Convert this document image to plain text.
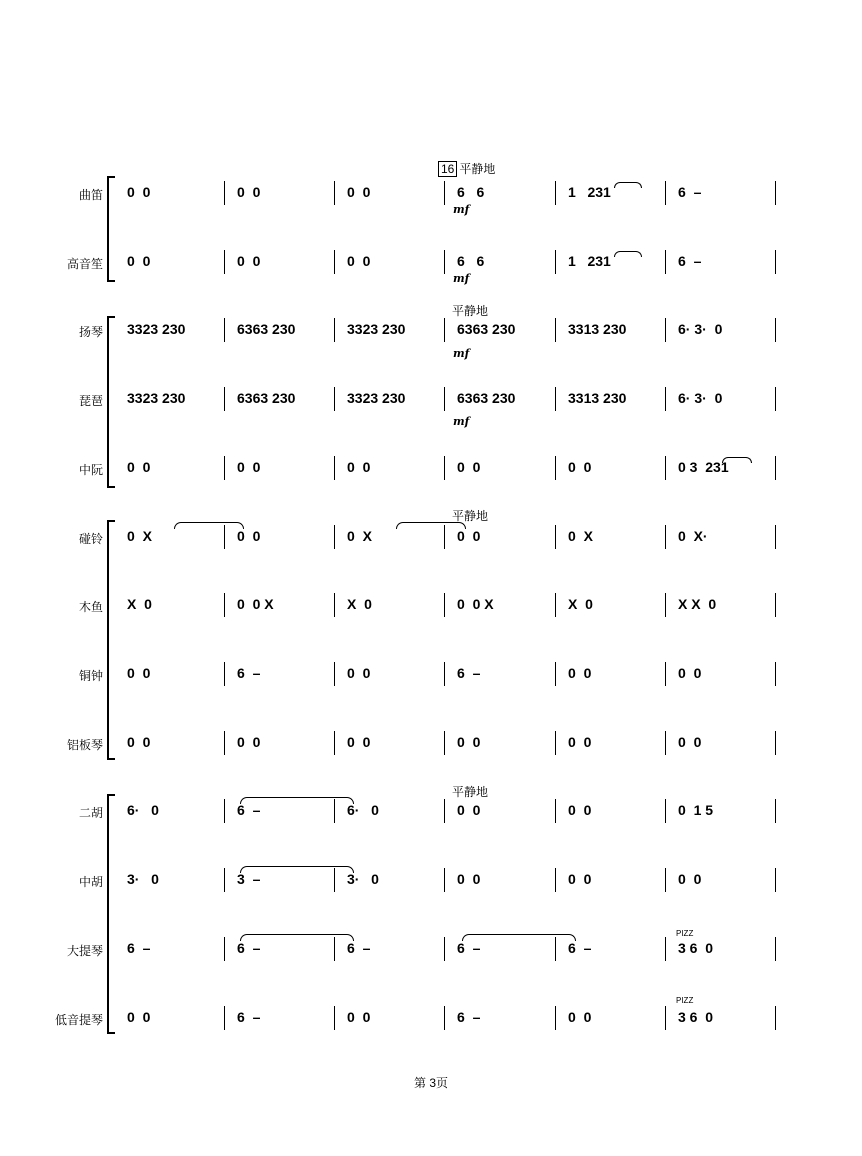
16 平静地
平静地
平静地
平静地
mf
mf
mf
mf
PIZZ
PIZZ
第 3页
曲笛 0  0	0  0	0  0	6   6	1   231	6  –
高音笙 0  0	0  0	0  0	6   6	1   231	6  –
扬琴 3323 230	6363 230	3323 230	6363 230	3313 230	6· 3·  0
琵琶 3323 230	6363 230	3323 230	6363 230	3313 230	6· 3·  0
中阮 0  0	0  0	0  0	0  0	0  0	0 3  231
碰铃 0  X	0  0	0  X	0  0	0  X	0  X·
木鱼 X  0	0  0 X	X  0	0  0 X	X  0	X X  0
铜钟 0  0	6  –	0  0	6  –	0  0	0  0
铝板琴 0  0	0  0	0  0	0  0	0  0	0  0
二胡 6·   0	6  –	6·   0	0  0	0  0	0  1 5
中胡 3·   0	3  –	3·   0	0  0	0  0	0  0
大提琴 6  –	6  –	6  –	6  –	6  –	3 6  0
低音提琴 0  0	6  –	0  0	6  –	0  0	3 6  0
